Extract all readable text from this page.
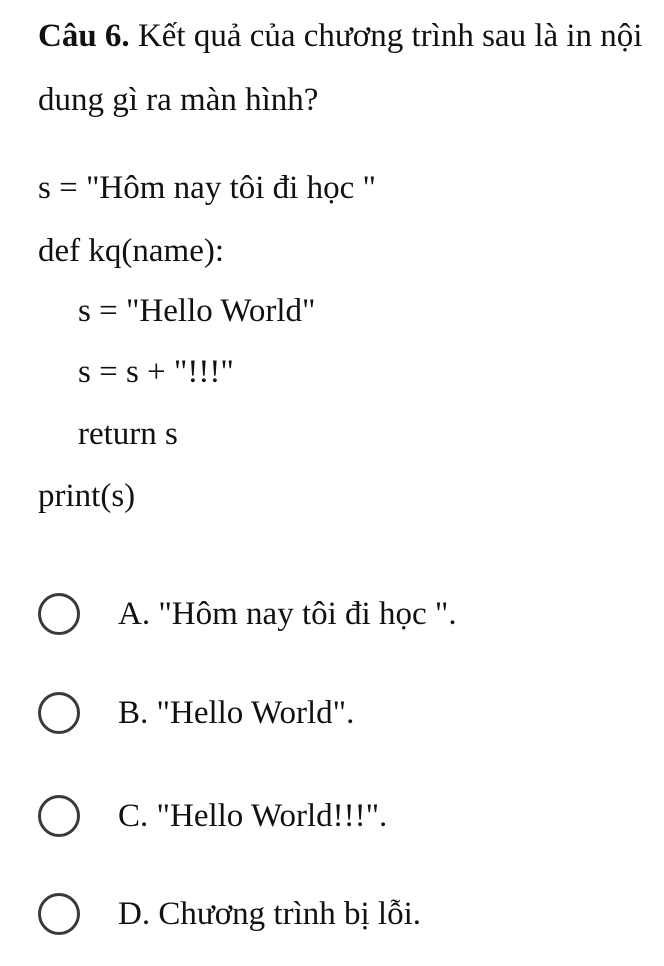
Câu 6. Kết quả của chương trình sau là in nội dung gì ra màn hình?
s = "Hôm nay tôi đi học "
def kq(name):
s = "Hello World"
s = s + "!!!"
return s
print(s)
A. "Hôm nay tôi đi học ".
B. "Hello World".
C. "Hello World!!!".
D. Chương trình bị lỗi.
